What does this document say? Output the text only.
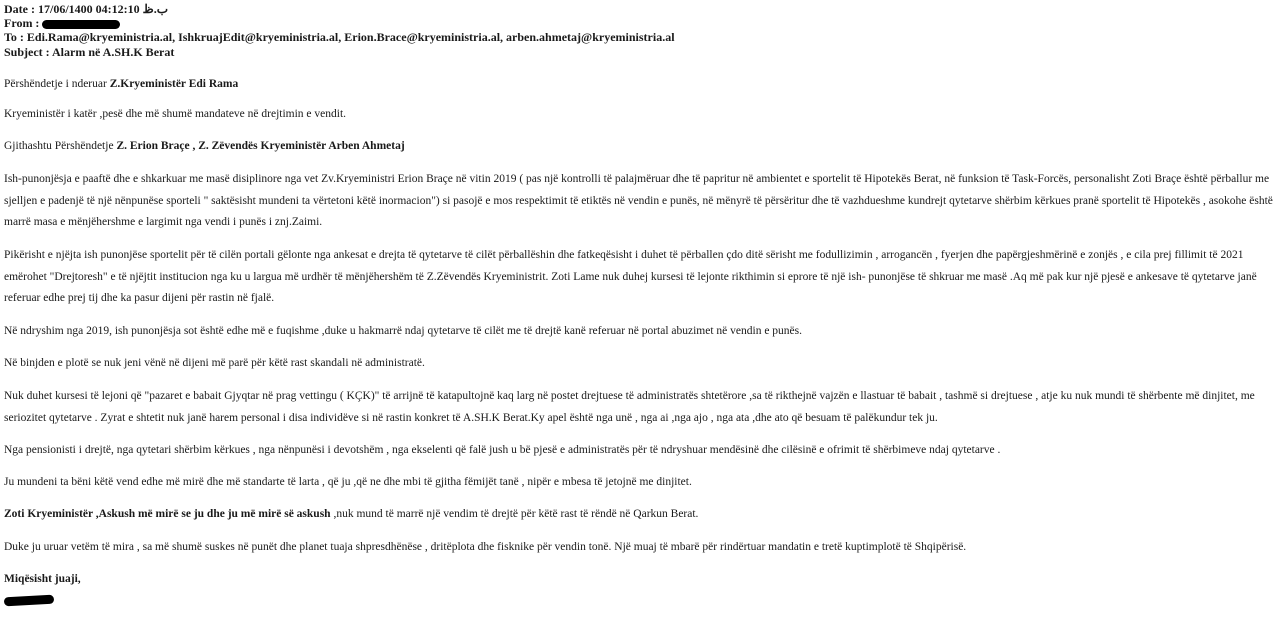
Date : 17/06/1400 04:12:10 ب.ظ
From :
To : Edi.Rama@kryeministria.al, IshkruajEdit@kryeministria.al, Erion.Brace@kryeministria.al, arben.ahmetaj@kryeministria.al
Subject : Alarm në A.SH.K Berat

Përshëndetje i nderuar Z.Kryeministër Edi Rama

Kryeministër i katër ,pesë dhe më shumë mandateve në drejtimin e vendit.

Gjithashtu Përshëndetje Z. Erion Braçe , Z. Zëvendës Kryeministër Arben Ahmetaj

Ish-punonjësja e paaftë dhe e shkarkuar me masë disiplinore nga vet Zv.Kryeministri Erion Braçe në vitin 2019 ( pas një kontrolli të palajmëruar dhe të papritur në ambientet e sportelit të Hipotekës Berat, në funksion të Task-Forcës, personalisht Zoti Braçe është përballur me sjelljen e padenjë të një nënpunëse sporteli " saktësisht mundeni ta vërtetoni këtë inormacion") si pasojë e mos respektimit të etiktës në vendin e punës, në mënyrë të përsëritur dhe të vazhdueshme kundrejt qytetarve shërbim kërkues pranë sportelit të Hipotekës , asokohe është marrë masa e mënjëhershme e largimit nga vendi i punës i znj.Zaimi.

Pikërisht e njëjta ish punonjëse sportelit për të cilën portali gëlonte nga ankesat e drejta të qytetarve të cilët përballëshin dhe fatkeqësisht i duhet të përballen çdo ditë sërisht me fodullizimin , arrogancën , fyerjen dhe papërgjeshmërinë e zonjës , e cila prej fillimit të 2021 emërohet "Drejtoresh" e të njëjtit institucion nga ku u largua më urdhër të mënjëhershëm të Z.Zëvendës Kryeministrit. Zoti Lame nuk duhej kursesi të lejonte rikthimin si eprore të një ish- punonjëse të shkruar me masë .Aq më pak kur një pjesë e ankesave të qytetarve janë referuar edhe prej tij dhe ka pasur dijeni për rastin në fjalë.

Në ndryshim nga 2019, ish punonjësja sot është edhe më e fuqishme ,duke u hakmarrë ndaj qytetarve të cilët me të drejtë kanë referuar në portal abuzimet në vendin e punës.

Në binjden e plotë se nuk jeni vënë në dijeni më parë për këtë rast skandali në administratë.

Nuk duhet kursesi të lejoni që "pazaret e babait Gjyqtar në prag vettingu ( KÇK)" të arrijnë të katapultojnë kaq larg në postet drejtuese të administratës shtetërore ,sa të rikthejnë vajzën e llastuar të babait , tashmë si drejtuese , atje ku nuk mundi të shërbente më dinjitet, me seriozitet qytetarve . Zyrat e shtetit nuk janë harem personal i disa individëve si në rastin konkret të A.SH.K Berat.Ky apel është nga unë , nga ai ,nga ajo , nga ata ,dhe ato që besuam të palëkundur tek ju.

Nga pensionisti i drejtë, nga qytetari shërbim kërkues , nga nënpunësi i devotshëm , nga ekselenti që falë jush u bë pjesë e administratës për të ndryshuar mendësinë dhe cilësinë e ofrimit të shërbimeve ndaj qytetarve .

Ju mundeni ta bëni këtë vend edhe më mirë dhe më standarte të larta , që ju ,që ne dhe mbi të gjitha fëmijët tanë , nipër e mbesa të jetojnë me dinjitet.

Zoti Kryeministër ,Askush më mirë se ju dhe ju më mirë së askush ,nuk mund të marrë një vendim të drejtë për këtë rast të rëndë në Qarkun Berat.

Duke ju uruar vetëm të mira , sa më shumë suskes në punët dhe planet tuaja shpresdhënëse , dritëplota dhe fisknike për vendin tonë. Një muaj të mbarë për rindërtuar mandatin e tretë kuptimplotë të Shqipërisë.

Miqësisht juaji,
